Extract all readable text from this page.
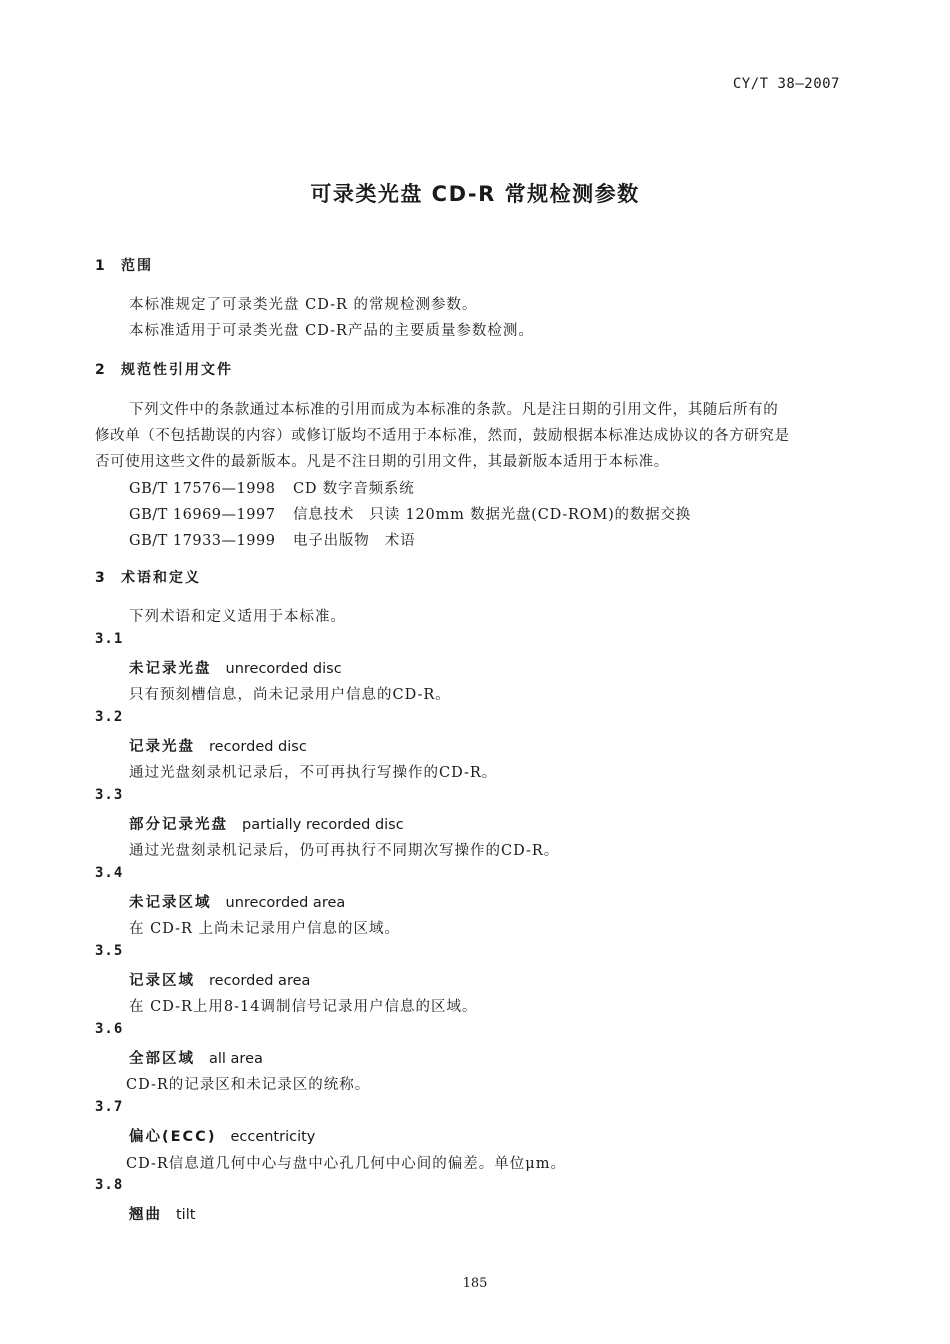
CY/T 38—2007
可录类光盘 CD-R 常规检测参数
1 范围
本标准规定了可录类光盘 CD-R 的常规检测参数。
本标准适用于可录类光盘 CD-R产品的主要质量参数检测。
2 规范性引用文件
下列文件中的条款通过本标准的引用而成为本标准的条款。凡是注日期的引用文件，其随后所有的
修改单（不包括勘误的内容）或修订版均不适用于本标准，然而，鼓励根据本标准达成协议的各方研究是
否可使用这些文件的最新版本。凡是不注日期的引用文件，其最新版本适用于本标准。
GB/T 17576—1998 CD 数字音频系统
GB/T 16969—1997 信息技术　只读 120mm 数据光盘(CD-ROM)的数据交换
GB/T 17933—1999 电子出版物　术语
3 术语和定义
下列术语和定义适用于本标准。
3.1
未记录光盘 unrecorded disc
只有预刻槽信息，尚未记录用户信息的CD-R。
3.2
记录光盘 recorded disc
通过光盘刻录机记录后，不可再执行写操作的CD-R。
3.3
部分记录光盘 partially recorded disc
通过光盘刻录机记录后，仍可再执行不同期次写操作的CD-R。
3.4
未记录区域 unrecorded area
在 CD-R 上尚未记录用户信息的区域。
3.5
记录区域 recorded area
在 CD-R上用8-14调制信号记录用户信息的区域。
3.6
全部区域 all area
CD-R的记录区和未记录区的统称。
3.7
偏心(ECC) eccentricity
CD-R信息道几何中心与盘中心孔几何中心间的偏差。单位μm。
3.8
翘曲 tilt
185
